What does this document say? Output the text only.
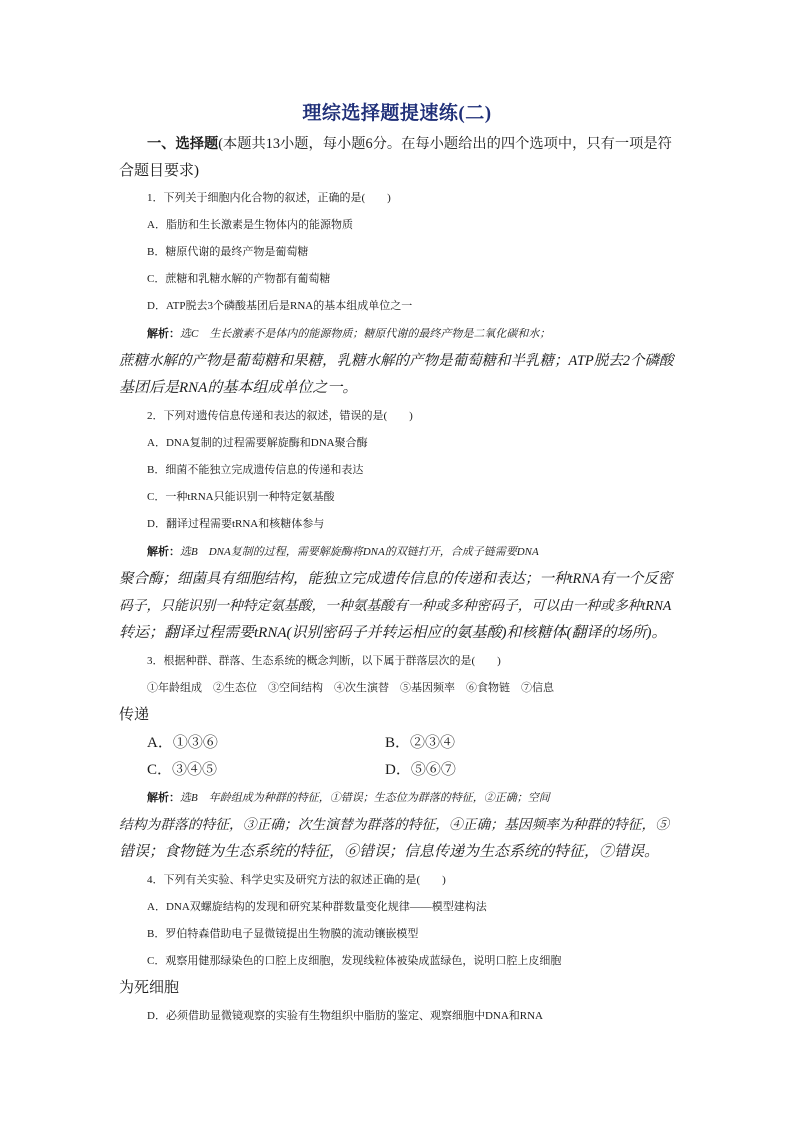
理综选择题提速练(二)
一、选择题(本题共13小题，每小题6分。在每小题给出的四个选项中，只有一项是符
合题目要求)
1．下列关于细胞内化合物的叙述，正确的是(　　)
A．脂肪和生长激素是生物体内的能源物质
B．糖原代谢的最终产物是葡萄糖
C．蔗糖和乳糖水解的产物都有葡萄糖
D．ATP脱去3个磷酸基团后是RNA的基本组成单位之一
解析：选C　生长激素不是体内的能源物质；糖原代谢的最终产物是二氧化碳和水；
蔗糖水解的产物是葡萄糖和果糖，乳糖水解的产物是葡萄糖和半乳糖；ATP脱去2个磷酸
基团后是RNA的基本组成单位之一。
2．下列对遗传信息传递和表达的叙述，错误的是(　　)
A．DNA复制的过程需要解旋酶和DNA聚合酶
B．细菌不能独立完成遗传信息的传递和表达
C．一种tRNA只能识别一种特定氨基酸
D．翻译过程需要tRNA和核糖体参与
解析：选B　DNA复制的过程，需要解旋酶将DNA的双链打开，合成子链需要DNA
聚合酶；细菌具有细胞结构，能独立完成遗传信息的传递和表达；一种tRNA有一个反密
码子，只能识别一种特定氨基酸，一种氨基酸有一种或多种密码子，可以由一种或多种tRNA
转运；翻译过程需要tRNA(识别密码子并转运相应的氨基酸)和核糖体(翻译的场所)。
3．根据种群、群落、生态系统的概念判断，以下属于群落层次的是(　　)
①年龄组成　②生态位　③空间结构　④次生演替　⑤基因频率　⑥食物链　⑦信息
传递
A．①③⑥	B．②③④
C．③④⑤	D．⑤⑥⑦
解析：选B　年龄组成为种群的特征，①错误；生态位为群落的特征，②正确；空间
结构为群落的特征，③正确；次生演替为群落的特征，④正确；基因频率为种群的特征，⑤
错误；食物链为生态系统的特征，⑥错误；信息传递为生态系统的特征，⑦错误。
4．下列有关实验、科学史实及研究方法的叙述正确的是(　　)
A．DNA双螺旋结构的发现和研究某种群数量变化规律——模型建构法
B．罗伯特森借助电子显微镜提出生物膜的流动镶嵌模型
C．观察用健那绿染色的口腔上皮细胞，发现线粒体被染成蓝绿色，说明口腔上皮细胞
为死细胞
D．必须借助显微镜观察的实验有生物组织中脂肪的鉴定、观察细胞中DNA和RNA
